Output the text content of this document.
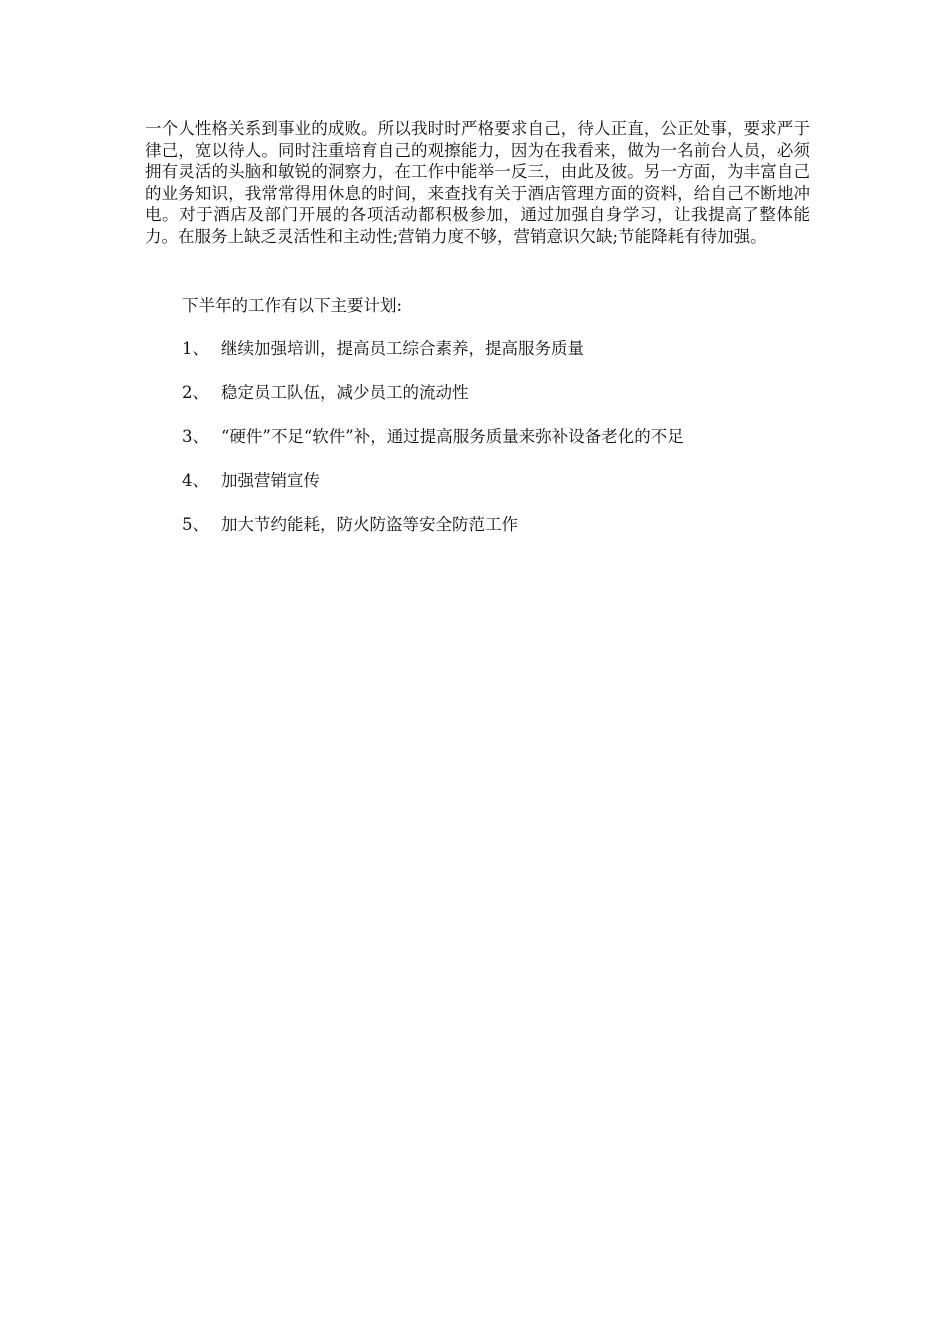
一个人性格关系到事业的成败。所以我时时严格要求自己，待人正直，公正处事，要求严于律己，宽以待人。同时注重培育自己的观擦能力，因为在我看来，做为一名前台人员，必须拥有灵活的头脑和敏锐的洞察力，在工作中能举一反三，由此及彼。另一方面，为丰富自己的业务知识，我常常得用休息的时间，来查找有关于酒店管理方面的资料，给自己不断地冲电。对于酒店及部门开展的各项活动都积极参加，通过加强自身学习，让我提高了整体能力。在服务上缺乏灵活性和主动性;营销力度不够，营销意识欠缺;节能降耗有待加强。

下半年的工作有以下主要计划:

1、 继续加强培训，提高员工综合素养，提高服务质量
2、 稳定员工队伍，减少员工的流动性
3、 “硬件”不足“软件”补，通过提高服务质量来弥补设备老化的不足
4、 加强营销宣传
5、 加大节约能耗，防火防盗等安全防范工作
